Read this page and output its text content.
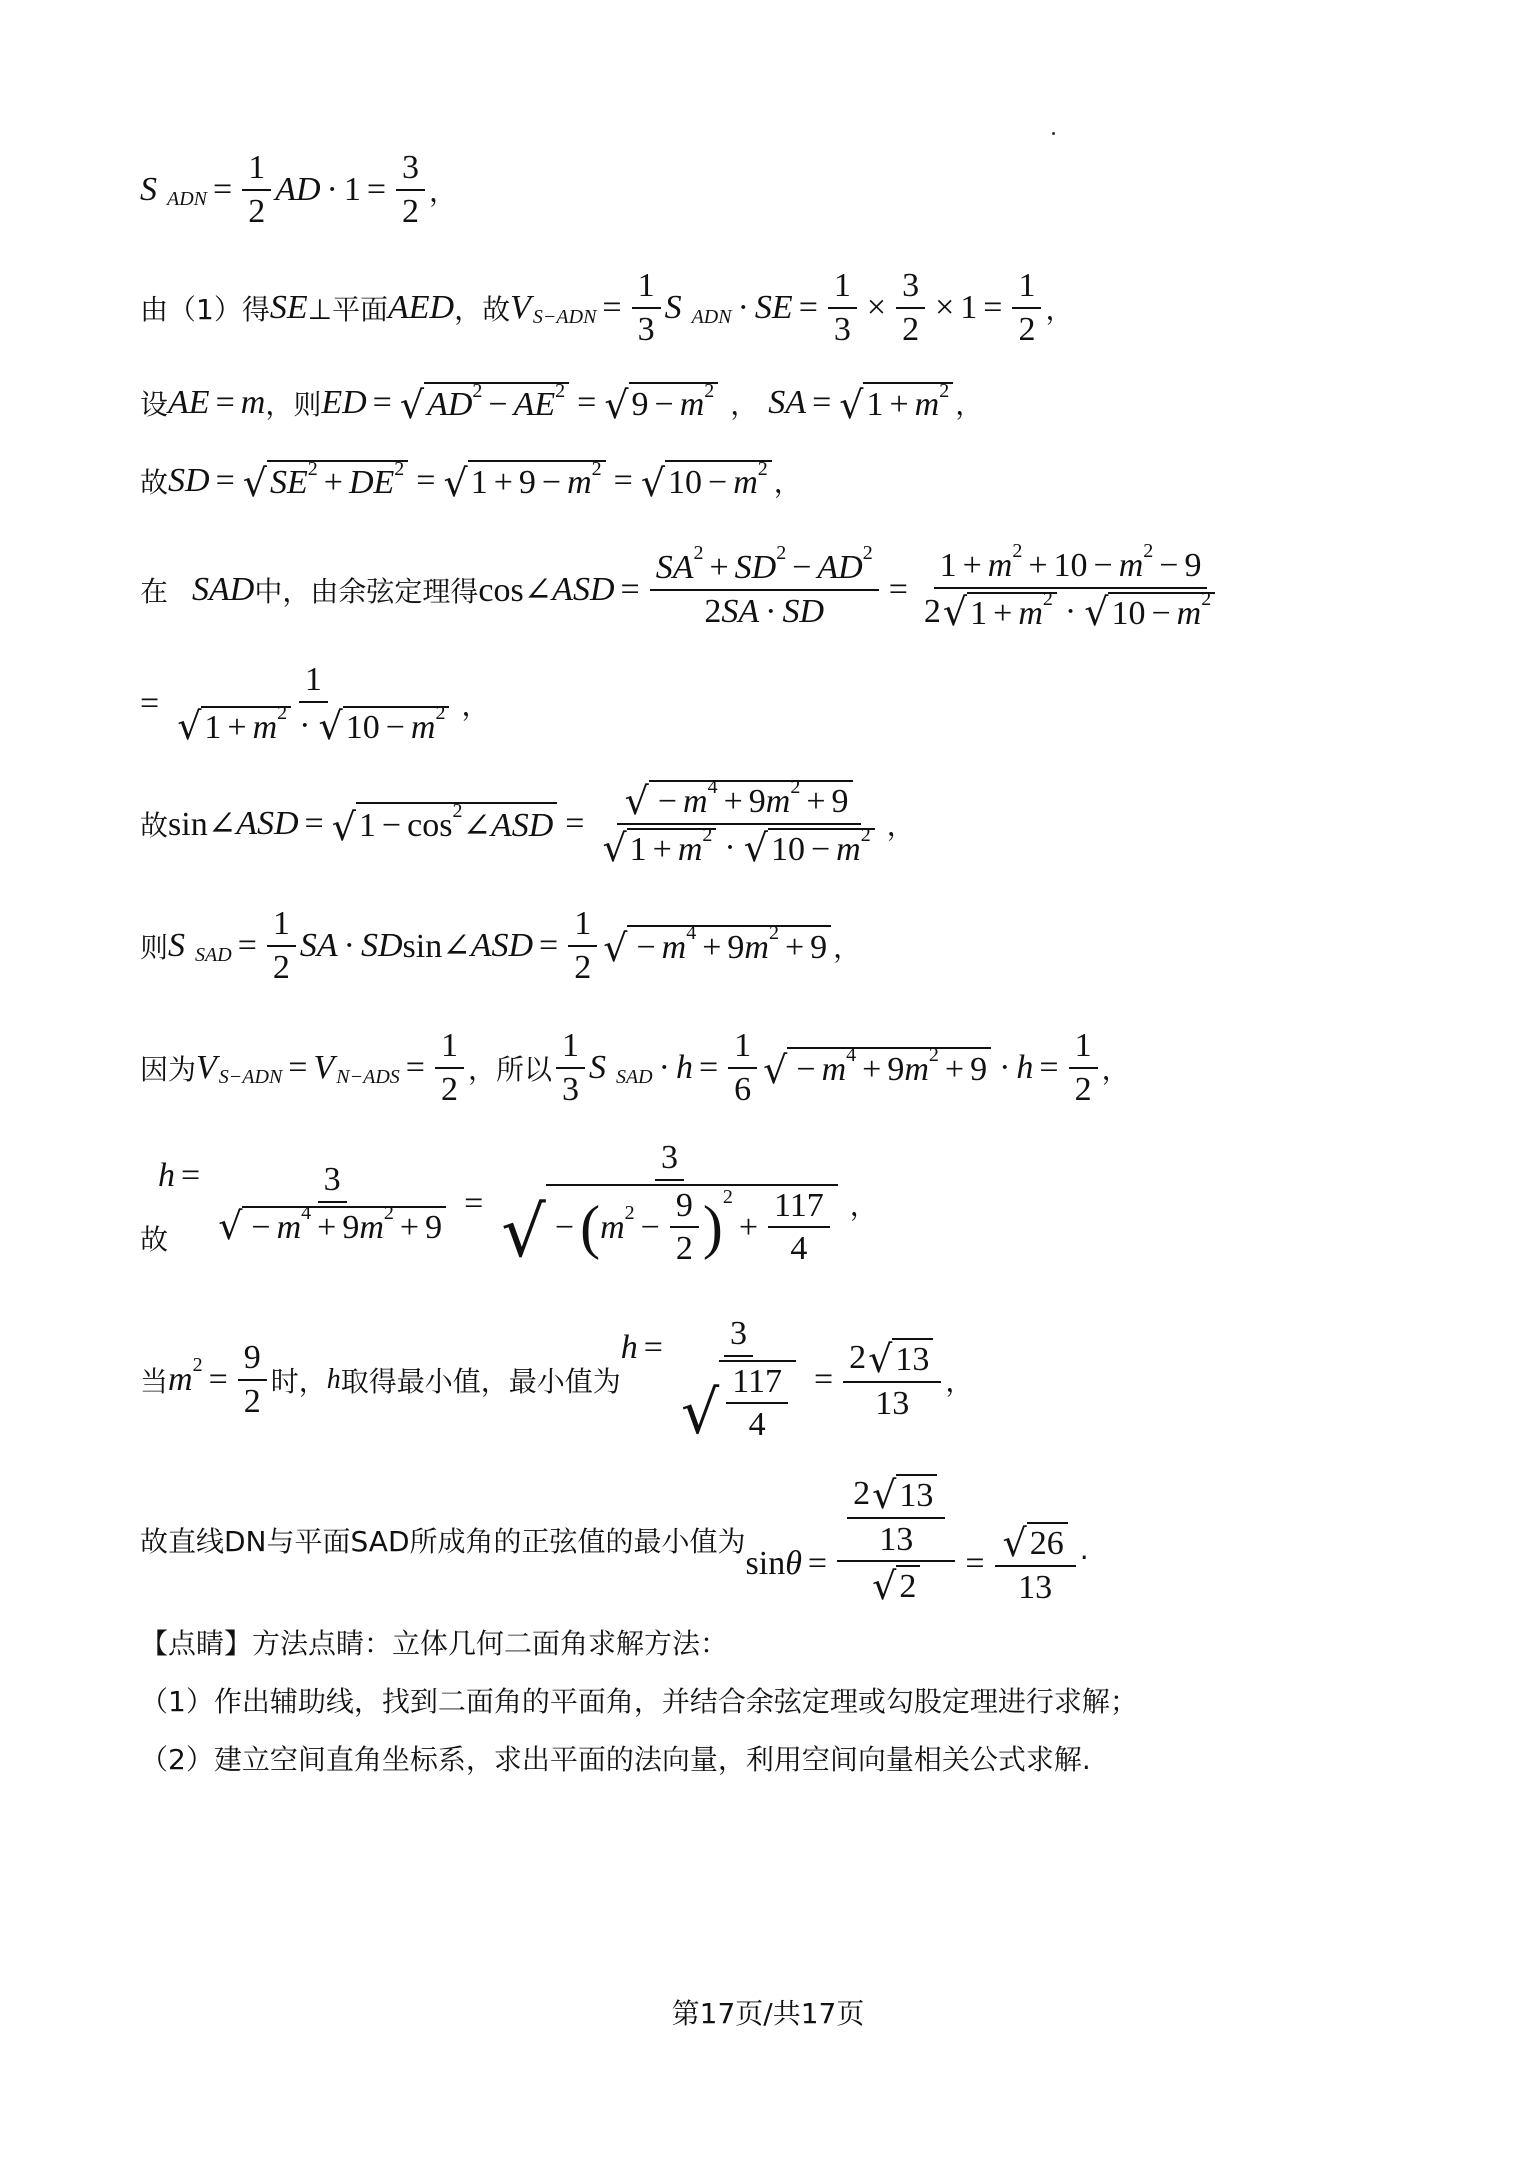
S ADN = $\frac{1}{2}$ AD · $1 = \frac{3}{2}$ ，
由（1）得 SE ⊥平面 AED ，故 V $S-ADN = \frac{1}{3}$ S ADN · SE = $\frac{1}{3} \times \frac{3}{2} \times 1 = \frac{1}{2}$ ，
设 AE = m ，则 ED = √ AD 2 − AE 2 = √ 9 − m 2 ， SA = √ 1 + m 2 ，
故 SD = √ SE 2 + DE 2 = √ 1 + 9 − m 2 = √ 10 − m 2 ，
在 SAD 中，由余弦定理得 cos∠ ASD = $\frac{SA 2 + SD 2 - AD 2}{2 SA \cdot SD} = \frac{1 + m 2 + 10 - m 2 - 9}{2 √ 1 + m 2 \cdot √ 10 - m 2}$
= $\frac{1}{√ 1 + m 2 \cdot √ 10 - m 2}$ ，
故 sin∠ ASD = √ 1 − cos 2 ∠ ASD = $\frac{√ - m 4 + 9 m 2 + 9}{√ 1 + m 2 \cdot √ 10 - m 2}$ ，
则 S SAD = $\frac{1}{2}$ SA · SD sin∠ ASD = $\frac{1}{2}$ √ − m 4 + 9 m 2 + 9 ，
因为 V S−ADN = V $N-ADS = \frac{1}{2}$ ，所以 $\frac{1}{3}$ S SAD · $h = \frac{1}{6}$ √ − m 4 + 9 m $2 + 9 \cdot h = \frac{1}{2}$ ，
故
$h = \frac{3}{√ - m 4 + 9 m 2 + 9} = 3$
√ − ( m $2 - \frac{9}{2}$ ) 2
+ $\frac{117}{4}$ ，
当 m $2 = \frac{9}{2}$ 时， h 取得最小值，最小值为
$h = \frac{3}{√ \frac{117}{4}} = \frac{2 √ 13}{13}$ ，
故直线DN与平面SAD所成角的正弦值的最小值为
$\sin \theta = \frac{\frac{2 √ 13}{13}}{√ 2} = \frac{√ 26}{13}$ .
【点睛】方法点睛：立体几何二面角求解方法：
（1）作出辅助线，找到二面角的平面角，并结合余弦定理或勾股定理进行求解；
（2）建立空间直角坐标系，求出平面的法向量，利用空间向量相关公式求解.
第17页/共17页
